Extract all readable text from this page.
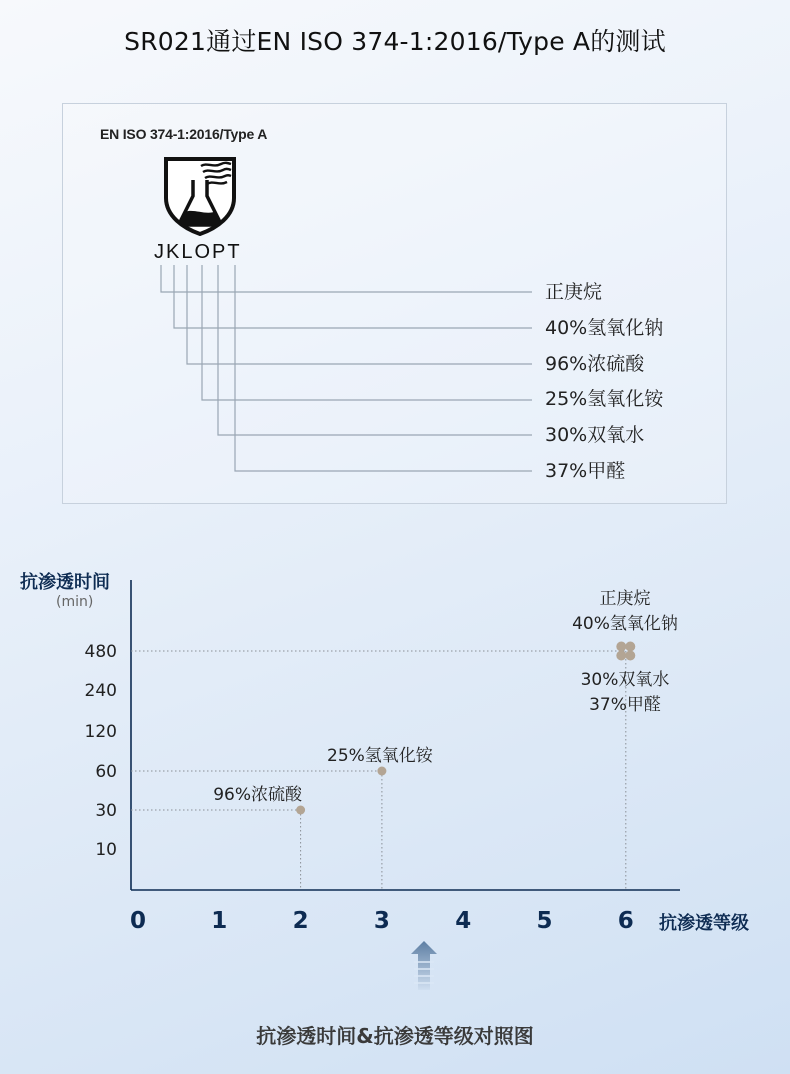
SR021通过EN ISO 374-1:2016/Type A的测试
EN ISO 374-1:2016/Type A
JKLOPT
正庚烷
40%氢氧化钠
96%浓硫酸
25%氢氧化铵
30%双氧水
37%甲醛
抗渗透时间
(min)
抗渗透等级
10
30
60
120
240
480
0	1	2	3	4	5	6
96%浓硫酸
25%氢氧化铵
正庚烷
40%氢氧化钠
30%双氧水
37%甲醛
抗渗透时间&抗渗透等级对照图
